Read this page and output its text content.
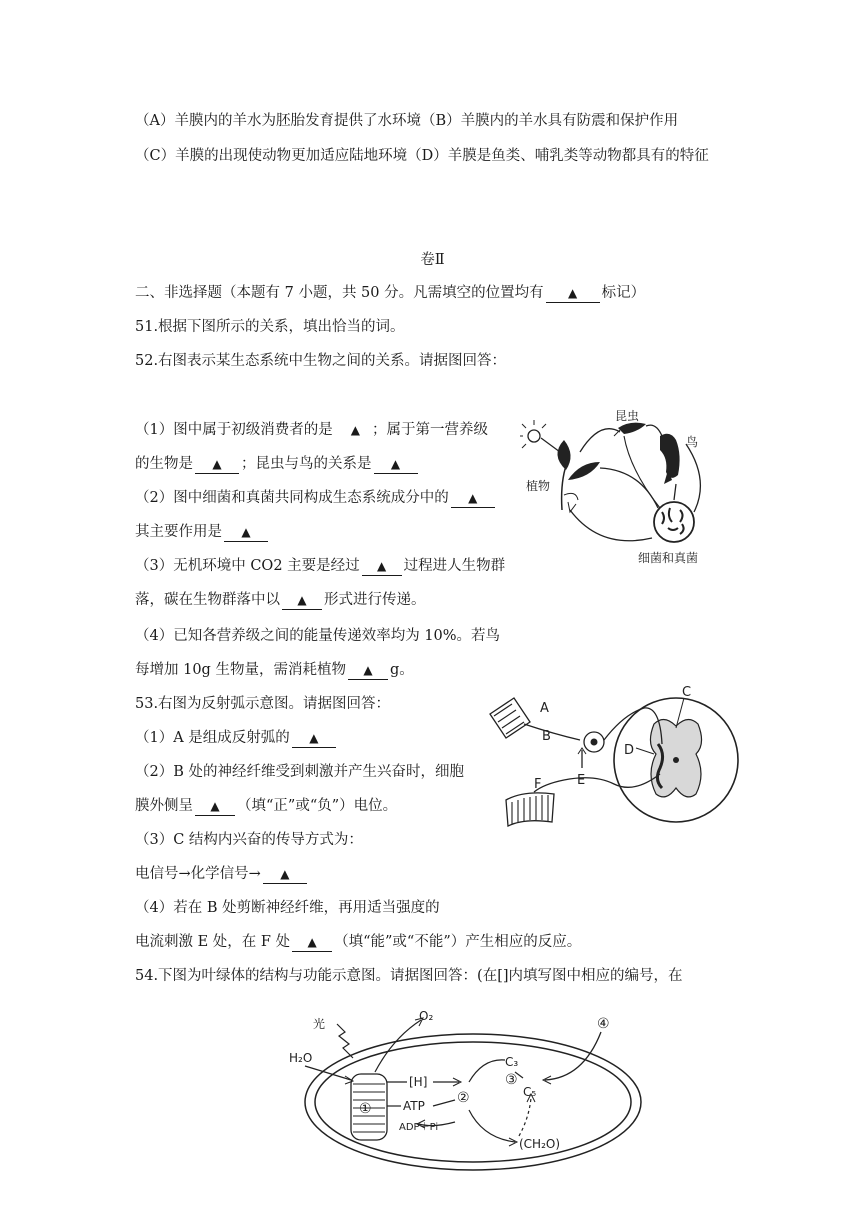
（A）羊膜内的羊水为胚胎发育提供了水环境（B）羊膜内的羊水具有防震和保护作用
（C）羊膜的出现使动物更加适应陆地环境（D）羊膜是鱼类、哺乳类等动物都具有的特征
卷Ⅱ
二、非选择题（本题有 7 小题，共 50 分。凡需填空的位置均有 ▲ 标记）
51.根据下图所示的关系，填出恰当的词。
52.右图表示某生态系统中生物之间的关系。请据图回答：
（1）图中属于初级消费者的是 ▲ ；属于第一营养级
的生物是 ▲ ；昆虫与鸟的关系是 ▲
（2）图中细菌和真菌共同构成生态系统成分中的 ▲
其主要作用是 ▲
（3）无机环境中 CO2 主要是经过 ▲ 过程进人生物群
落，碳在生物群落中以 ▲ 形式进行传递。
（4）已知各营养级之间的能量传递效率均为 10%。若鸟
每增加 10g 生物量，需消耗植物 ▲ g。
昆虫
鸟
植物
细菌和真菌
53.右图为反射弧示意图。请据图回答：
（1）A 是组成反射弧的 ▲
（2）B 处的神经纤维受到刺激并产生兴奋时，细胞
膜外侧呈 ▲ （填“正”或“负”）电位。
（3）C 结构内兴奋的传导方式为：
电信号→化学信号→ ▲
（4）若在 B 处剪断神经纤维，再用适当强度的
电流刺激 E 处，在 F 处 ▲ （填“能”或“不能”）产生相应的反应。
A
B
C
D
E
F
54.下图为叶绿体的结构与功能示意图。请据图回答：(在[]内填写图中相应的编号，在
光
H₂O
O₂
[H]
ATP
ADP＋Pi
C₃
C₅
(CH₂O)
①
②
③
④
